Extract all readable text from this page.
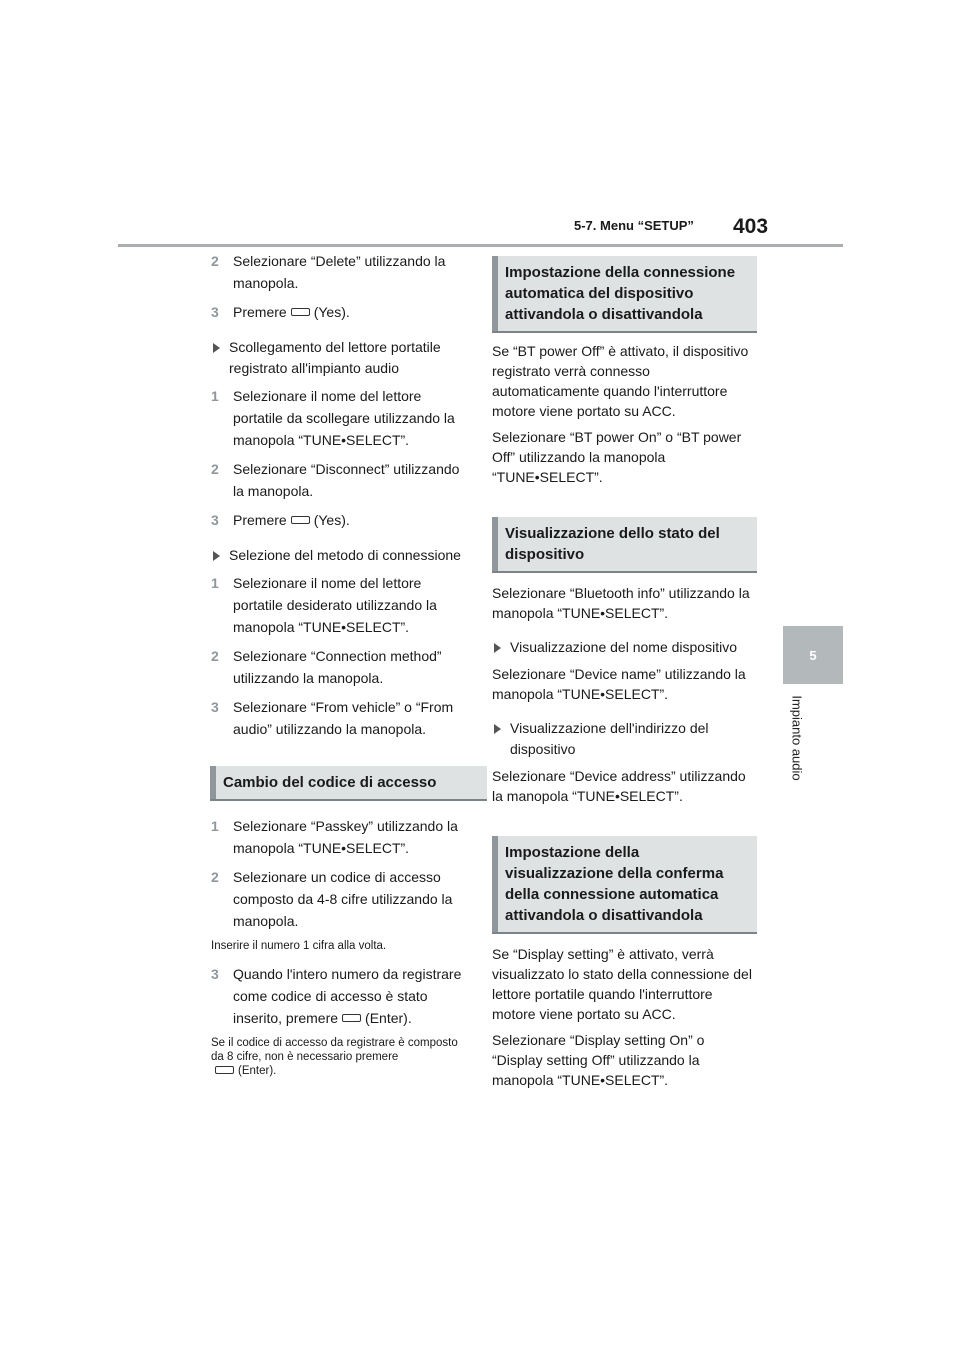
5-7. Menu “SETUP” 403
5
Impianto audio
2 Selezionare “Delete” utilizzando la manopola.
3 Premere (Yes).
Scollegamento del lettore portatile registrato all'impianto audio
1 Selezionare il nome del lettore portatile da scollegare utilizzando la manopola “TUNE•SELECT”.
2 Selezionare “Disconnect” utilizzando la manopola.
3 Premere (Yes).
Selezione del metodo di connessione
1 Selezionare il nome del lettore portatile desiderato utilizzando la manopola “TUNE•SELECT”.
2 Selezionare “Connection method” utilizzando la manopola.
3 Selezionare “From vehicle” o “From audio” utilizzando la manopola.
Cambio del codice di accesso
1 Selezionare “Passkey” utilizzando la manopola “TUNE•SELECT”.
2 Selezionare un codice di accesso composto da 4-8 cifre utilizzando la manopola.
Inserire il numero 1 cifra alla volta.
3 Quando l'intero numero da registrare come codice di accesso è stato inserito, premere (Enter).
Se il codice di accesso da registrare è composto da 8 cifre, non è necessario premere
(Enter).
Impostazione della connessione automatica del dispositivo attivandola o disattivandola

Se “BT power Off” è attivato, il dispositivo registrato verrà connesso automaticamente quando l'interruttore motore viene portato su ACC.

Selezionare “BT power On” o “BT power Off” utilizzando la manopola “TUNE•SELECT”.

Visualizzazione dello stato del dispositivo

Selezionare “Bluetooth info” utilizzando la manopola “TUNE•SELECT”.

Visualizzazione del nome dispositivo

Selezionare “Device name” utilizzando la manopola “TUNE•SELECT”.

Visualizzazione dell'indirizzo del dispositivo

Selezionare “Device address” utilizzando la manopola “TUNE•SELECT”.

Impostazione della visualizzazione della conferma della connessione automatica attivandola o disattivandola

Se “Display setting” è attivato, verrà visualizzato lo stato della connessione del lettore portatile quando l'interruttore motore viene portato su ACC.

Selezionare “Display setting On” o “Display setting Off” utilizzando la manopola “TUNE•SELECT”.
